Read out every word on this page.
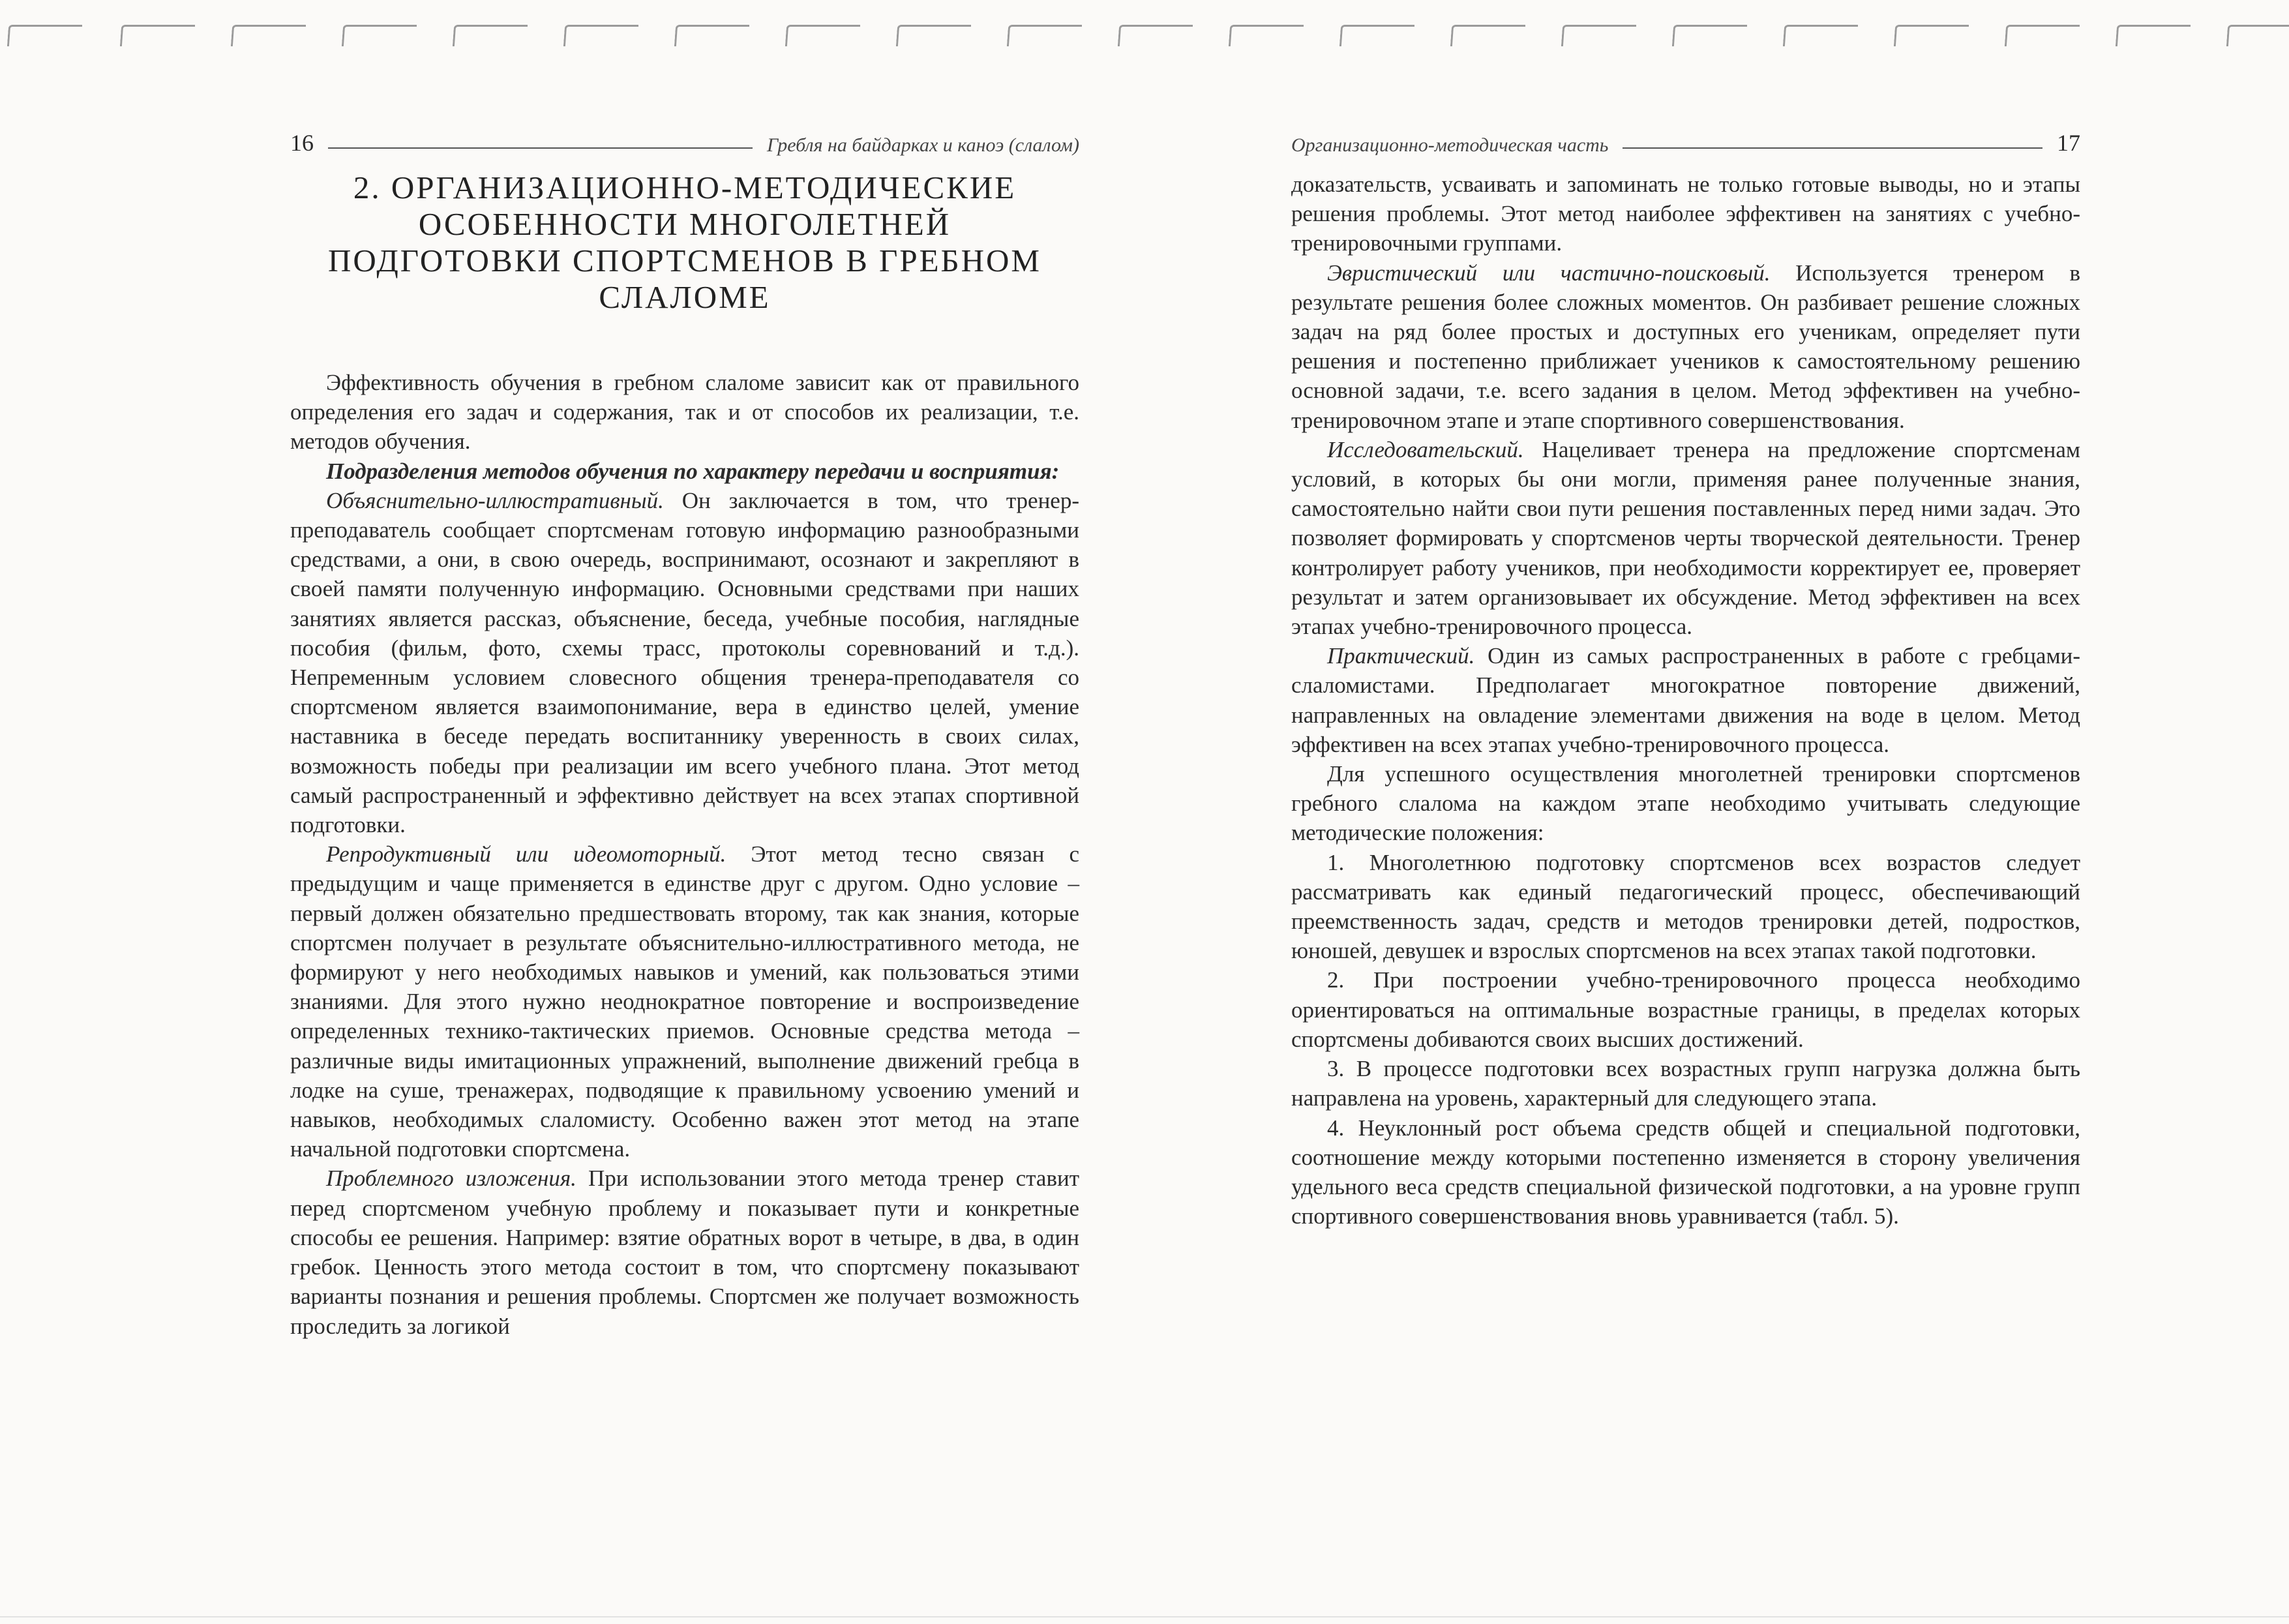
16	Гребля на байдарках и каноэ (слалом)
2. ОРГАНИЗАЦИОННО-МЕТОДИЧЕСКИЕ
ОСОБЕННОСТИ МНОГОЛЕТНЕЙ
ПОДГОТОВКИ СПОРТСМЕНОВ В ГРЕБНОМ
СЛАЛОМЕ

Эффективность обучения в гребном слаломе зависит как от правильного определения его задач и содержания, так и от способов их реализации, т.е. методов обучения.

Подразделения методов обучения по характеру передачи и восприятия:

Объяснительно-иллюстративный. Он заключается в том, что тренер-преподаватель сообщает спортсменам готовую информацию разнообразными средствами, а они, в свою очередь, воспринимают, осознают и закрепляют в своей памяти полученную информацию. Основными средствами при наших занятиях является рассказ, объяснение, беседа, учебные пособия, наглядные пособия (фильм, фото, схемы трасс, протоколы соревнований и т.д.). Непременным условием словесного общения тренера-преподавателя со спортсменом является взаимопонимание, вера в единство целей, умение наставника в беседе передать воспитаннику уверенность в своих силах, возможность победы при реализации им всего учебного плана. Этот метод самый распространенный и эффективно действует на всех этапах спортивной подготовки.

Репродуктивный или идеомоторный. Этот метод тесно связан с предыдущим и чаще применяется в единстве друг с другом. Одно условие – первый должен обязательно предшествовать второму, так как знания, которые спортсмен получает в результате объяснительно-иллюстративного метода, не формируют у него необходимых навыков и умений, как пользоваться этими знаниями. Для этого нужно неоднократное повторение и воспроизведение определенных технико-тактических приемов. Основные средства метода – различные виды имитационных упражнений, выполнение движений гребца в лодке на суше, тренажерах, подводящие к правильному усвоению умений и навыков, необходимых слаломисту. Особенно важен этот метод на этапе начальной подготовки спортсмена.

Проблемного изложения. При использовании этого метода тренер ставит перед спортсменом учебную проблему и показывает пути и конкретные способы ее решения. Например: взятие обратных ворот в четыре, в два, в один гребок. Ценность этого метода состоит в том, что спортсмену показывают варианты познания и решения проблемы. Спортсмен же получает возможность проследить за логикой

Организационно-методическая часть	17

доказательств, усваивать и запоминать не только готовые выводы, но и этапы решения проблемы. Этот метод наиболее эффективен на занятиях с учебно-тренировочными группами.

Эвристический или частично-поисковый. Используется тренером в результате решения более сложных моментов. Он разбивает решение сложных задач на ряд более простых и доступных его ученикам, определяет пути решения и постепенно приближает учеников к самостоятельному решению основной задачи, т.е. всего задания в целом. Метод эффективен на учебно-тренировочном этапе и этапе спортивного совершенствования.

Исследовательский. Нацеливает тренера на предложение спортсменам условий, в которых бы они могли, применяя ранее полученные знания, самостоятельно найти свои пути решения поставленных перед ними задач. Это позволяет формировать у спортсменов черты творческой деятельности. Тренер контролирует работу учеников, при необходимости корректирует ее, проверяет результат и затем организовывает их обсуждение. Метод эффективен на всех этапах учебно-тренировочного процесса.

Практический. Один из самых распространенных в работе с гребцами-слаломистами. Предполагает многократное повторение движений, направленных на овладение элементами движения на воде в целом. Метод эффективен на всех этапах учебно-тренировочного процесса.

Для успешного осуществления многолетней тренировки спортсменов гребного слалома на каждом этапе необходимо учитывать следующие методические положения:

1. Многолетнюю подготовку спортсменов всех возрастов следует рассматривать как единый педагогический процесс, обеспечивающий преемственность задач, средств и методов тренировки детей, подростков, юношей, девушек и взрослых спортсменов на всех этапах такой подготовки.

2. При построении учебно-тренировочного процесса необходимо ориентироваться на оптимальные возрастные границы, в пределах которых спортсмены добиваются своих высших достижений.

3. В процессе подготовки всех возрастных групп нагрузка должна быть направлена на уровень, характерный для следующего этапа.

4. Неуклонный рост объема средств общей и специальной подготовки, соотношение между которыми постепенно изменяется в сторону увеличения удельного веса средств специальной физической подготовки, а на уровне групп спортивного совершенствования вновь уравнивается (табл. 5).
